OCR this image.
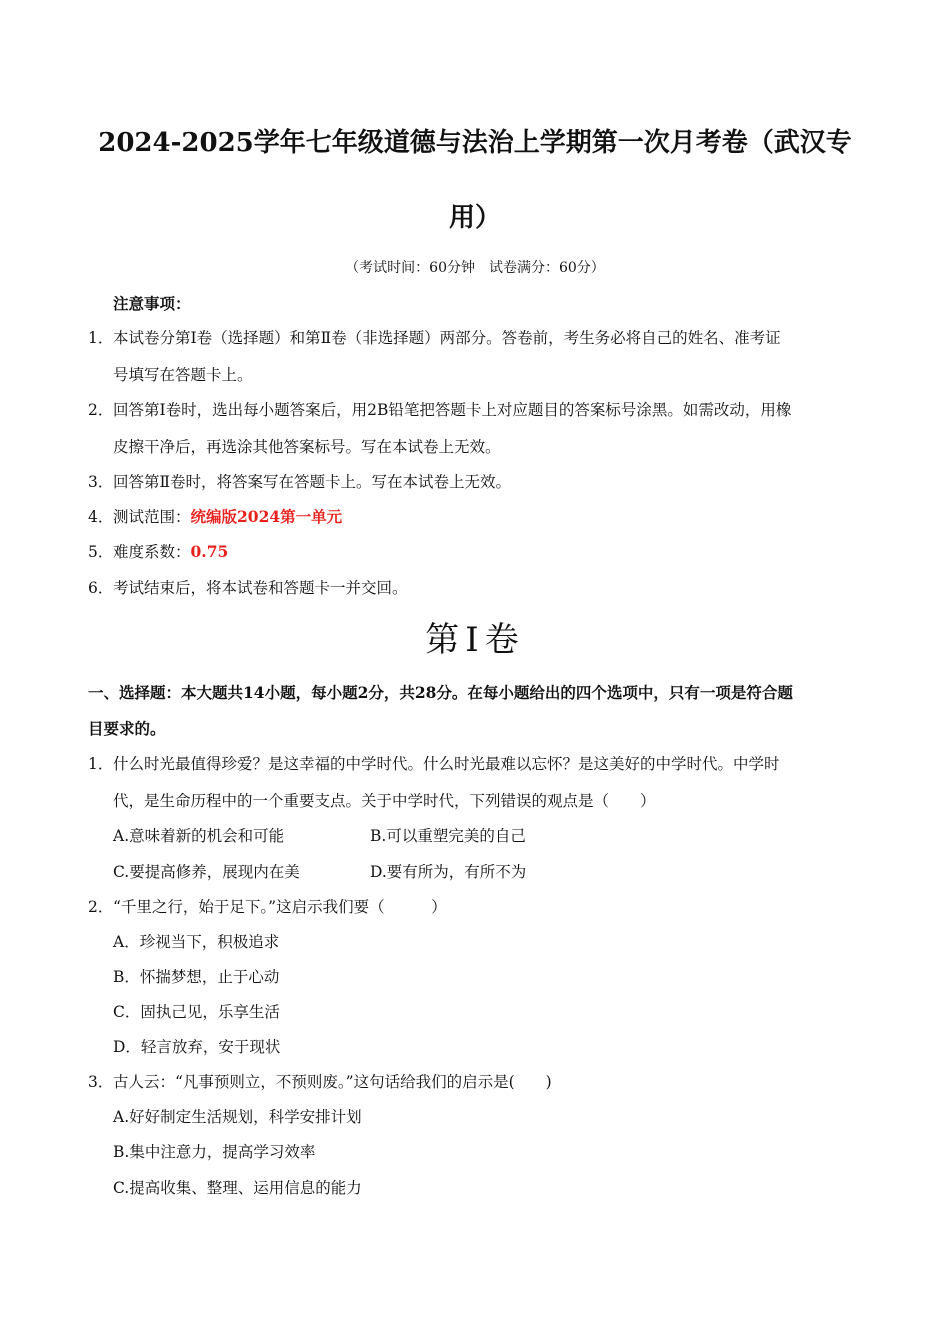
2024-2025学年七年级道德与法治上学期第一次月考卷（武汉专
用）
（考试时间：60分钟　试卷满分：60分）
注意事项：
1． 本试卷分第Ⅰ卷（选择题）和第Ⅱ卷（非选择题）两部分。答卷前，考生务必将自己的姓名、准考证
号填写在答题卡上。
2． 回答第Ⅰ卷时，选出每小题答案后，用2B铅笔把答题卡上对应题目的答案标号涂黑。如需改动，用橡
皮擦干净后，再选涂其他答案标号。写在本试卷上无效。
3． 回答第Ⅱ卷时，将答案写在答题卡上。写在本试卷上无效。
4． 测试范围：统编版2024第一单元
5． 难度系数：0.75
6． 考试结束后，将本试卷和答题卡一并交回。
第Ⅰ卷
一、选择题：本大题共14小题，每小题2分，共28分。在每小题给出的四个选项中，只有一项是符合题
目要求的。
1． 什么时光最值得珍爱？是这幸福的中学时代。什么时光最难以忘怀？是这美好的中学时代。中学时
代，是生命历程中的一个重要支点。关于中学时代，下列错误的观点是（　　）
A.意味着新的机会和可能	B.可以重塑完美的自己
C.要提高修养，展现内在美	D.要有所为，有所不为
2． “千里之行，始于足下。”这启示我们要（　　　）
A．珍视当下，积极追求
B．怀揣梦想，止于心动
C．固执己见，乐享生活
D．轻言放弃，安于现状
3． 古人云：“凡事预则立，不预则废。”这句话给我们的启示是(　　)
A.好好制定生活规划，科学安排计划
B.集中注意力，提高学习效率
C.提高收集、整理、运用信息的能力
